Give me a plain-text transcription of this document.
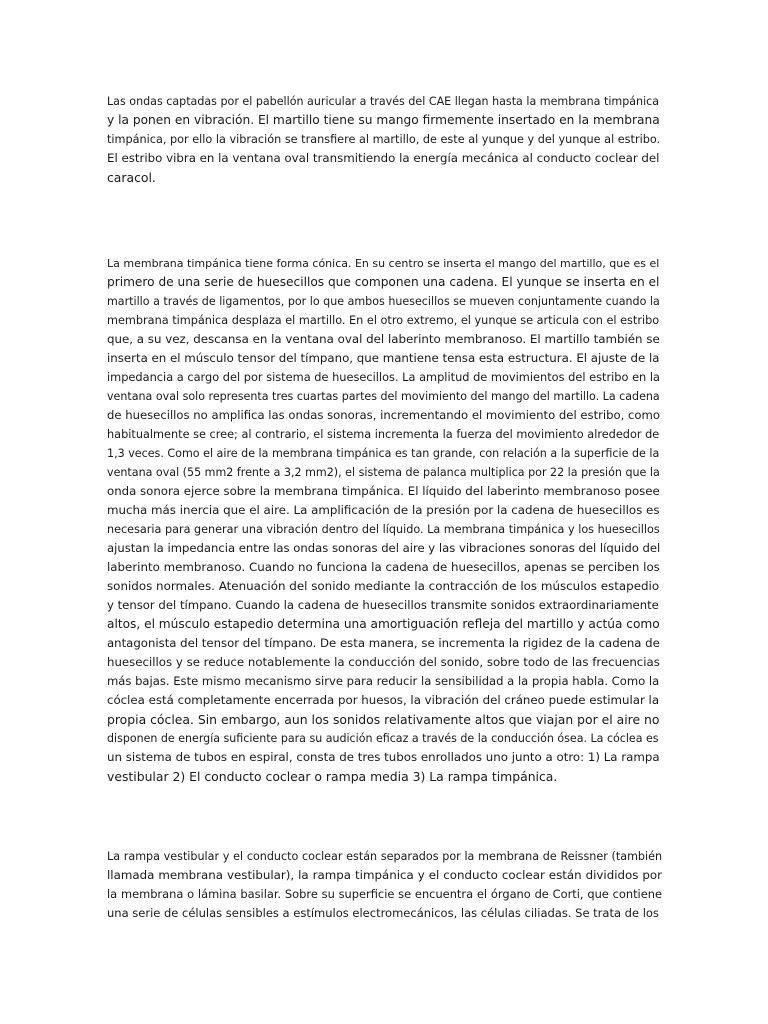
Las ondas captadas por el pabellón auricular a través del CAE llegan hasta la membrana timpánica
y la ponen en vibración. El martillo tiene su mango firmemente insertado en la membrana
timpánica, por ello la vibración se transfiere al martillo, de este al yunque y del yunque al estribo.
El estribo vibra en la ventana oval transmitiendo la energía mecánica al conducto coclear del
caracol.
La membrana timpánica tiene forma cónica. En su centro se inserta el mango del martillo, que es el
primero de una serie de huesecillos que componen una cadena. El yunque se inserta en el
martillo a través de ligamentos, por lo que ambos huesecillos se mueven conjuntamente cuando la
membrana timpánica desplaza el martillo. En el otro extremo, el yunque se articula con el estribo
que, a su vez, descansa en la ventana oval del laberinto membranoso. El martillo también se
inserta en el músculo tensor del tímpano, que mantiene tensa esta estructura. El ajuste de la
impedancia a cargo del por sistema de huesecillos. La amplitud de movimientos del estribo en la
ventana oval solo representa tres cuartas partes del movimiento del mango del martillo. La cadena
de huesecillos no amplifica las ondas sonoras, incrementando el movimiento del estribo, como
habitualmente se cree; al contrario, el sistema incrementa la fuerza del movimiento alrededor de
1,3 veces. Como el aire de la membrana timpánica es tan grande, con relación a la superficie de la
ventana oval (55 mm2 frente a 3,2 mm2), el sistema de palanca multiplica por 22 la presión que la
onda sonora ejerce sobre la membrana timpánica. El líquido del laberinto membranoso posee
mucha más inercia que el aire. La amplificación de la presión por la cadena de huesecillos es
necesaria para generar una vibración dentro del líquido. La membrana timpánica y los huesecillos
ajustan la impedancia entre las ondas sonoras del aire y las vibraciones sonoras del líquido del
laberinto membranoso. Cuando no funciona la cadena de huesecillos, apenas se perciben los
sonidos normales. Atenuación del sonido mediante la contracción de los músculos estapedio
y tensor del tímpano. Cuando la cadena de huesecillos transmite sonidos extraordinariamente
altos, el músculo estapedio determina una amortiguación refleja del martillo y actúa como
antagonista del tensor del tímpano. De esta manera, se incrementa la rigidez de la cadena de
huesecillos y se reduce notablemente la conducción del sonido, sobre todo de las frecuencias
más bajas. Este mismo mecanismo sirve para reducir la sensibilidad a la propia habla. Como la
cóclea está completamente encerrada por huesos, la vibración del cráneo puede estimular la
propia cóclea. Sin embargo, aun los sonidos relativamente altos que viajan por el aire no
disponen de energía suficiente para su audición eficaz a través de la conducción ósea. La cóclea es
un sistema de tubos en espiral, consta de tres tubos enrollados uno junto a otro: 1) La rampa
vestibular 2) El conducto coclear o rampa media 3) La rampa timpánica.
La rampa vestibular y el conducto coclear están separados por la membrana de Reissner (también
llamada membrana vestibular), la rampa timpánica y el conducto coclear están divididos por
la membrana o lámina basilar. Sobre su superficie se encuentra el órgano de Corti, que contiene
una serie de células sensibles a estímulos electromecánicos, las células ciliadas. Se trata de los
